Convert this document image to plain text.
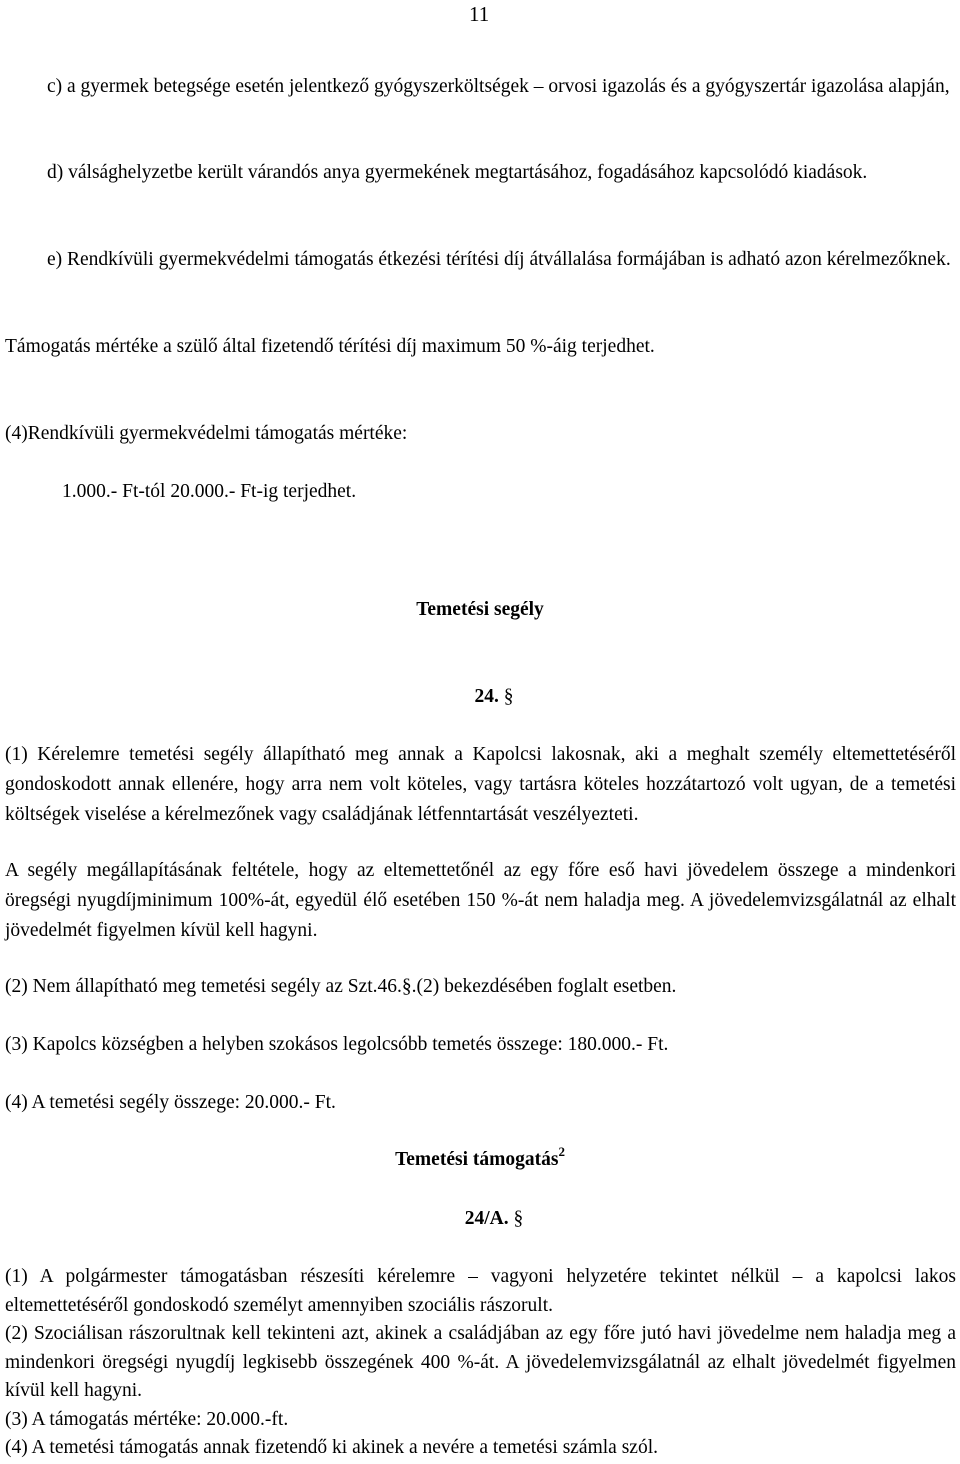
11

c) a gyermek betegsége esetén jelentkező gyógyszerköltségek – orvosi igazolás és a gyógyszertár igazolása alapján,

d) válsághelyzetbe került várandós anya gyermekének megtartásához, fogadásához kapcsolódó kiadások.

e) Rendkívüli gyermekvédelmi támogatás étkezési térítési díj átvállalása formájában is adható azon kérelmezőknek.

Támogatás mértéke a szülő által fizetendő térítési díj maximum 50 %-áig terjedhet.

(4)Rendkívüli gyermekvédelmi támogatás mértéke:

1.000.- Ft-tól 20.000.- Ft-ig terjedhet.

Temetési segély
24. §

(1) Kérelemre temetési segély állapítható meg annak a Kapolcsi lakosnak, aki a meghalt személy eltemettetéséről gondoskodott annak ellenére, hogy arra nem volt köteles, vagy tartásra köteles hozzátartozó volt ugyan, de a temetési költségek viselése a kérelmezőnek vagy családjának létfenntartását veszélyezteti.

A segély megállapításának feltétele, hogy az eltemettetőnél az egy főre eső havi jövedelem összege a mindenkori öregségi nyugdíjminimum 100%-át, egyedül élő esetében 150 %-át nem haladja meg. A jövedelemvizsgálatnál az elhalt jövedelmét figyelmen kívül kell hagyni.

(2) Nem állapítható meg temetési segély az Szt.46.§.(2) bekezdésében foglalt esetben.

(3) Kapolcs községben a helyben szokásos legolcsóbb temetés összege: 180.000.- Ft.

(4) A temetési segély összege: 20.000.- Ft.

Temetési támogatás$^2$
24/A. §

(1) A polgármester támogatásban részesíti kérelemre – vagyoni helyzetére tekintet nélkül – a kapolcsi lakos eltemettetéséről gondoskodó személyt amennyiben szociális rászorult.

(2) Szociálisan rászorultnak kell tekinteni azt, akinek a családjában az egy főre jutó havi jövedelme nem haladja meg a mindenkori öregségi nyugdíj legkisebb összegének 400 %-át. A jövedelemvizsgálatnál az elhalt jövedelmét figyelmen kívül kell hagyni.

(3) A támogatás mértéke: 20.000.-ft.

(4) A temetési támogatás annak fizetendő ki akinek a nevére a temetési számla szól.
